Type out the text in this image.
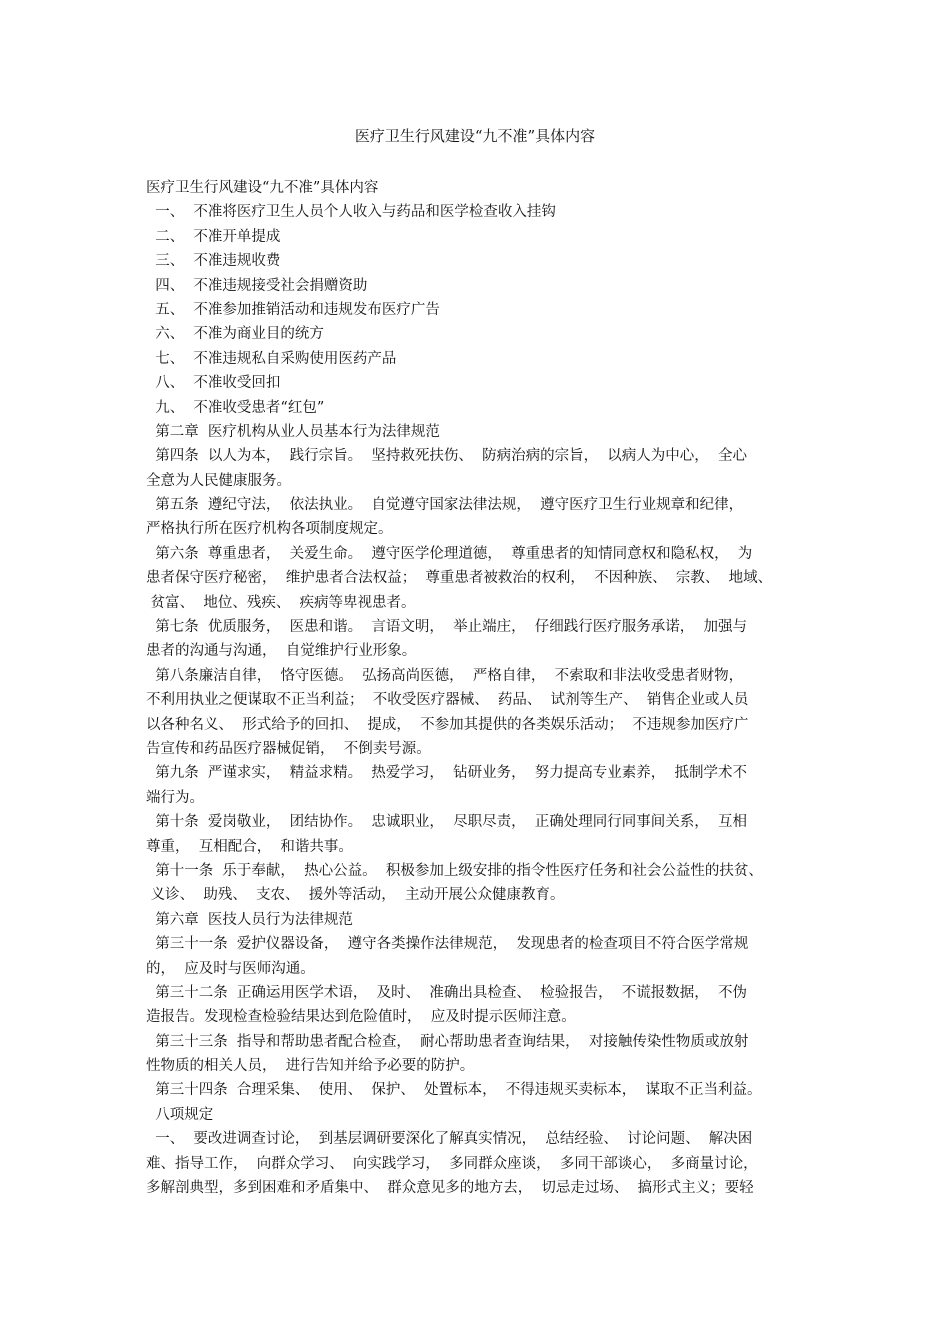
医疗卫生行风建设“九不准”具体内容
医疗卫生行风建设“九不准”具体内容
一、  不准将医疗卫生人员个人收入与药品和医学检查收入挂钩
二、  不准开单提成
三、  不准违规收费
四、  不准违规接受社会捐赠资助
五、  不准参加推销活动和违规发布医疗广告
六、  不准为商业目的统方
七、  不准违规私自采购使用医药产品
八、  不准收受回扣
九、  不准收受患者“红包”
第二章  医疗机构从业人员基本行为法律规范
第四条  以人为本，  践行宗旨。  坚持救死扶伤、  防病治病的宗旨，  以病人为中心，  全心
全意为人民健康服务。
第五条  遵纪守法，  依法执业。  自觉遵守国家法律法规，  遵守医疗卫生行业规章和纪律，
严格执行所在医疗机构各项制度规定。
第六条  尊重患者，  关爱生命。  遵守医学伦理道德，  尊重患者的知情同意权和隐私权，  为
患者保守医疗秘密，  维护患者合法权益；  尊重患者被救治的权利，  不因种族、  宗教、  地域、
贫富、  地位、残疾、  疾病等卑视患者。
第七条  优质服务，  医患和谐。  言语文明，  举止端庄，  仔细践行医疗服务承诺，  加强与
患者的沟通与沟通，  自觉维护行业形象。
第八条廉洁自律，  恪守医德。  弘扬高尚医德，  严格自律，  不索取和非法收受患者财物，
不利用执业之便谋取不正当利益；  不收受医疗器械、  药品、  试剂等生产、  销售企业或人员
以各种名义、  形式给予的回扣、  提成，  不参加其提供的各类娱乐活动；  不违规参加医疗广
告宣传和药品医疗器械促销，  不倒卖号源。
第九条  严谨求实，  精益求精。  热爱学习，  钻研业务，  努力提高专业素养，  抵制学术不
端行为。
第十条  爱岗敬业，  团结协作。  忠诚职业，  尽职尽责，  正确处理同行同事间关系，  互相
尊重，  互相配合，  和谐共事。
第十一条  乐于奉献，  热心公益。  积极参加上级安排的指令性医疗任务和社会公益性的扶贫、
义诊、  助残、  支农、  援外等活动，  主动开展公众健康教育。
第六章  医技人员行为法律规范
第三十一条  爱护仪器设备，  遵守各类操作法律规范，  发现患者的检查项目不符合医学常规
的，  应及时与医师沟通。
第三十二条  正确运用医学术语，  及时、  准确出具检查、  检验报告，  不谎报数据，  不伪
造报告。发现检查检验结果达到危险值时，  应及时提示医师注意。
第三十三条  指导和帮助患者配合检查，  耐心帮助患者查询结果，  对接触传染性物质或放射
性物质的相关人员，  进行告知并给予必要的防护。
第三十四条  合理采集、  使用、  保护、  处置标本，  不得违规买卖标本，  谋取不正当利益。
八项规定
一、  要改进调查讨论，  到基层调研要深化了解真实情况，  总结经验、  讨论问题、  解决困
难、指导工作，  向群众学习、  向实践学习，  多同群众座谈，  多同干部谈心，  多商量讨论，
多解剖典型，多到困难和矛盾集中、  群众意见多的地方去，  切忌走过场、  搞形式主义；要轻
